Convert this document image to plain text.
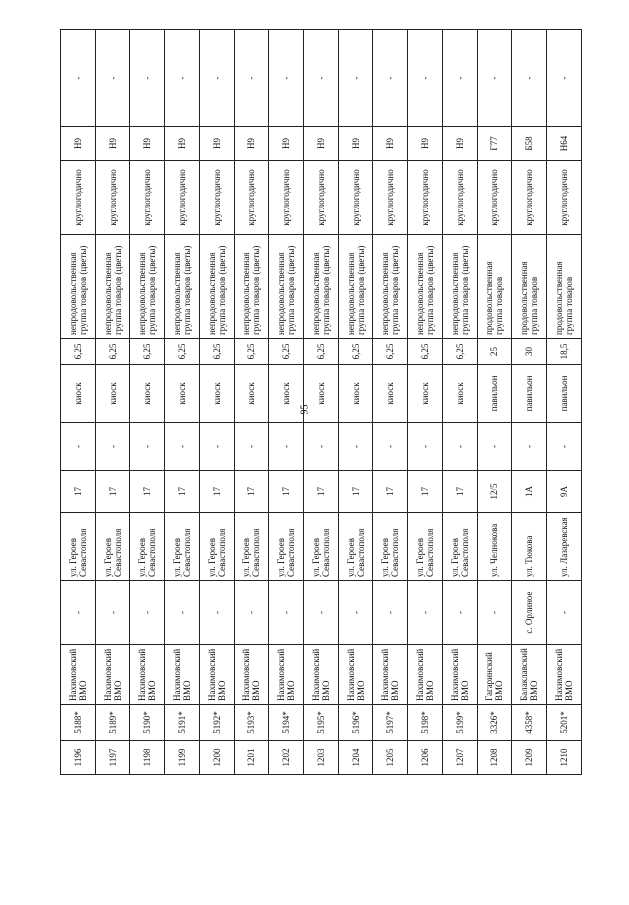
95
1196	5188*	Нахимовский ВМО	-	ул. Героев Севастополя	17	-	киоск	6,25	непродовольственная группа товаров (цветы)	круглогодично	Н9	-
1197	5189*	Нахимовский ВМО	-	ул. Героев Севастополя	17	-	киоск	6,25	непродовольственная группа товаров (цветы)	круглогодично	Н9	-
1198	5190*	Нахимовский ВМО	-	ул. Героев Севастополя	17	-	киоск	6,25	непродовольственная группа товаров (цветы)	круглогодично	Н9	-
1199	5191*	Нахимовский ВМО	-	ул. Героев Севастополя	17	-	киоск	6,25	непродовольственная группа товаров (цветы)	круглогодично	Н9	-
1200	5192*	Нахимовский ВМО	-	ул. Героев Севастополя	17	-	киоск	6,25	непродовольственная группа товаров (цветы)	круглогодично	Н9	-
1201	5193*	Нахимовский ВМО	-	ул. Героев Севастополя	17	-	киоск	6,25	непродовольственная группа товаров (цветы)	круглогодично	Н9	-
1202	5194*	Нахимовский ВМО	-	ул. Героев Севастополя	17	-	киоск	6,25	непродовольственная группа товаров (цветы)	круглогодично	Н9	-
1203	5195*	Нахимовский ВМО	-	ул. Героев Севастополя	17	-	киоск	6,25	непродовольственная группа товаров (цветы)	круглогодично	Н9	-
1204	5196*	Нахимовский ВМО	-	ул. Героев Севастополя	17	-	киоск	6,25	непродовольственная группа товаров (цветы)	круглогодично	Н9	-
1205	5197*	Нахимовский ВМО	-	ул. Героев Севастополя	17	-	киоск	6,25	непродовольственная группа товаров (цветы)	круглогодично	Н9	-
1206	5198*	Нахимовский ВМО	-	ул. Героев Севастополя	17	-	киоск	6,25	непродовольственная группа товаров (цветы)	круглогодично	Н9	-
1207	5199*	Нахимовский ВМО	-	ул. Героев Севастополя	17	-	киоск	6,25	непродовольственная группа товаров (цветы)	круглогодично	Н9	-
1208	3326*	Гагаринский ВМО	-	ул. Челнокова	12/5	-	павильон	25	продовольственная группа товаров	круглогодично	Г77	-
1209	4358*	Балаклавский ВМО	с. Орлиное	ул. Тюкова	1А	-	павильон	30	продовольственная группа товаров	круглогодично	Б58	-
1210	5201*	Нахимовский ВМО	-	ул. Лазаревская	9А	-	павильон	18,5	продовольственная группа товаров	круглогодично	Н64	-
